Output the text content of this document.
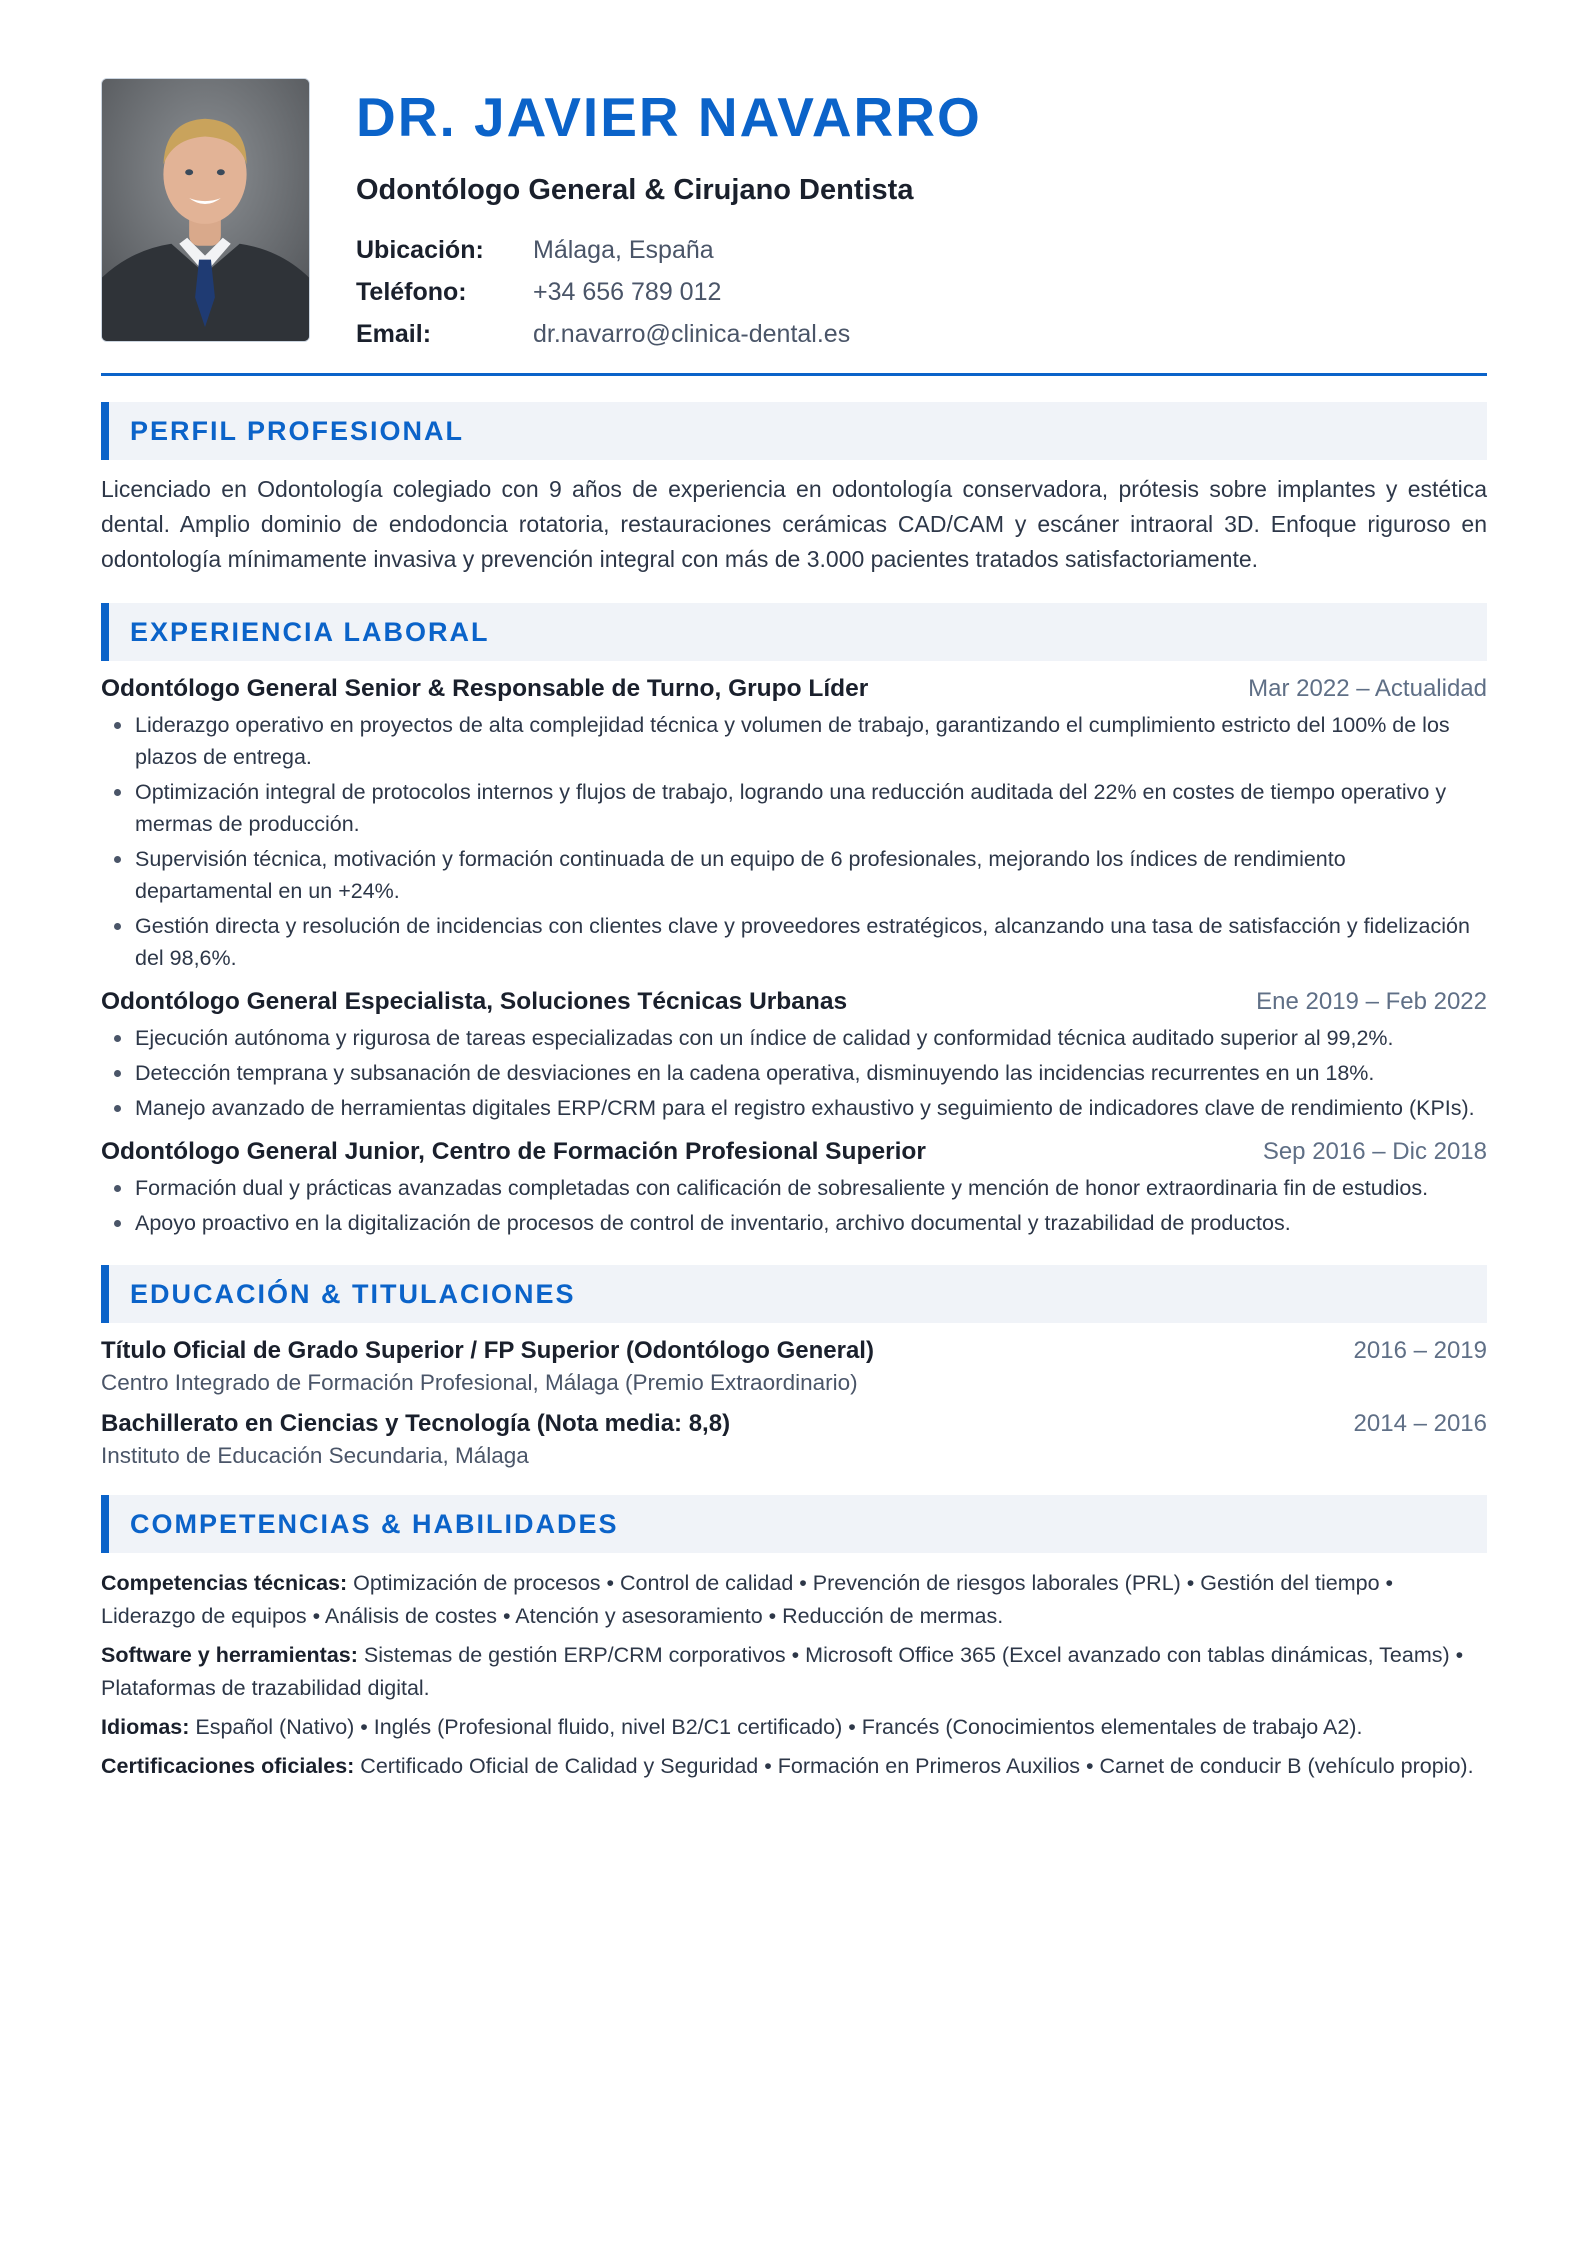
DR. JAVIER NAVARRO
Odontólogo General & Cirujano Dentista
Ubicación:	Málaga, España
Teléfono:	+34 656 789 012
Email:	dr.navarro@clinica-dental.es
PERFIL PROFESIONAL

Licenciado en Odontología colegiado con 9 años de experiencia en odontología conservadora, prótesis sobre implantes y estética dental. Amplio dominio de endodoncia rotatoria, restauraciones cerámicas CAD/CAM y escáner intraoral 3D. Enfoque riguroso en odontología mínimamente invasiva y prevención integral con más de 3.000 pacientes tratados satisfactoriamente.

EXPERIENCIA LABORAL
Odontólogo General Senior & Responsable de Turno, Grupo Líder	Mar 2022 – Actualidad
Liderazgo operativo en proyectos de alta complejidad técnica y volumen de trabajo, garantizando el cumplimiento estricto del 100% de los plazos de entrega.
Optimización integral de protocolos internos y flujos de trabajo, logrando una reducción auditada del 22% en costes de tiempo operativo y mermas de producción.
Supervisión técnica, motivación y formación continuada de un equipo de 6 profesionales, mejorando los índices de rendimiento departamental en un +24%.
Gestión directa y resolución de incidencias con clientes clave y proveedores estratégicos, alcanzando una tasa de satisfacción y fidelización del 98,6%.
Odontólogo General Especialista, Soluciones Técnicas Urbanas	Ene 2019 – Feb 2022
Ejecución autónoma y rigurosa de tareas especializadas con un índice de calidad y conformidad técnica auditado superior al 99,2%.
Detección temprana y subsanación de desviaciones en la cadena operativa, disminuyendo las incidencias recurrentes en un 18%.
Manejo avanzado de herramientas digitales ERP/CRM para el registro exhaustivo y seguimiento de indicadores clave de rendimiento (KPIs).
Odontólogo General Junior, Centro de Formación Profesional Superior	Sep 2016 – Dic 2018
Formación dual y prácticas avanzadas completadas con calificación de sobresaliente y mención de honor extraordinaria fin de estudios.
Apoyo proactivo en la digitalización de procesos de control de inventario, archivo documental y trazabilidad de productos.
EDUCACIÓN & TITULACIONES
Título Oficial de Grado Superior / FP Superior (Odontólogo General)	2016 – 2019
Centro Integrado de Formación Profesional, Málaga (Premio Extraordinario)
Bachillerato en Ciencias y Tecnología (Nota media: 8,8)	2014 – 2016
Instituto de Educación Secundaria, Málaga
COMPETENCIAS & HABILIDADES

Competencias técnicas: Optimización de procesos • Control de calidad • Prevención de riesgos laborales (PRL) • Gestión del tiempo • Liderazgo de equipos • Análisis de costes • Atención y asesoramiento • Reducción de mermas.

Software y herramientas: Sistemas de gestión ERP/CRM corporativos • Microsoft Office 365 (Excel avanzado con tablas dinámicas, Teams) • Plataformas de trazabilidad digital.

Idiomas: Español (Nativo) • Inglés (Profesional fluido, nivel B2/C1 certificado) • Francés (Conocimientos elementales de trabajo A2).

Certificaciones oficiales: Certificado Oficial de Calidad y Seguridad • Formación en Primeros Auxilios • Carnet de conducir B (vehículo propio).
